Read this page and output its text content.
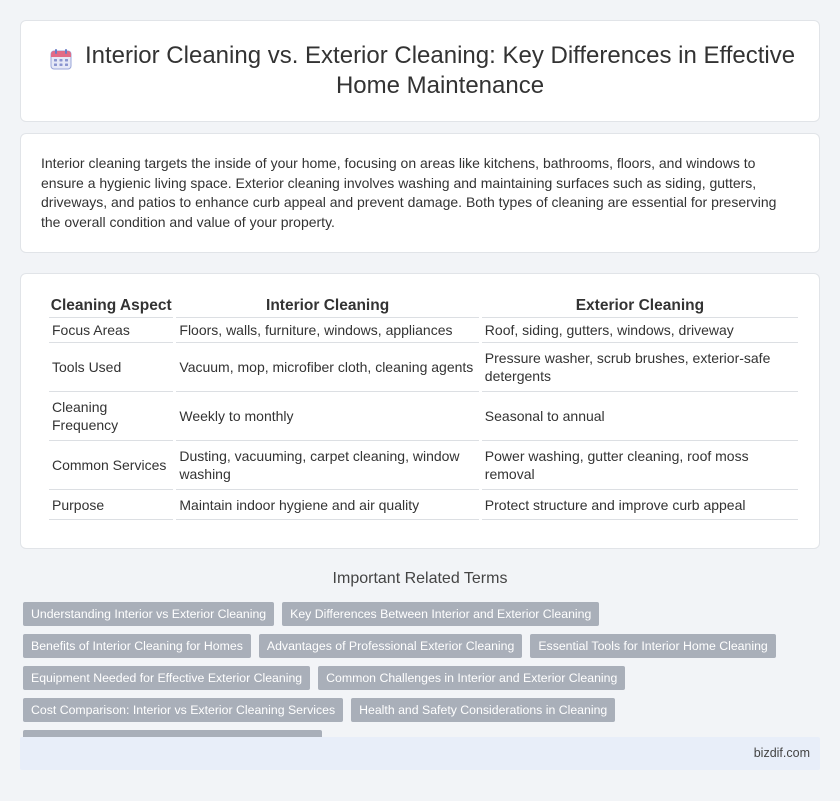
Interior Cleaning vs. Exterior Cleaning: Key Differences in Effective Home Maintenance

Interior cleaning targets the inside of your home, focusing on areas like kitchens, bathrooms, floors, and windows to ensure a hygienic living space. Exterior cleaning involves washing and maintaining surfaces such as siding, gutters, driveways, and patios to enhance curb appeal and prevent damage. Both types of cleaning are essential for preserving the overall condition and value of your property.

Cleaning Aspect	Interior Cleaning	Exterior Cleaning
Focus Areas	Floors, walls, furniture, windows, appliances	Roof, siding, gutters, windows, driveway
Tools Used	Vacuum, mop, microfiber cloth, cleaning agents	Pressure washer, scrub brushes, exterior-safe detergents
Cleaning Frequency	Weekly to monthly	Seasonal to annual
Common Services	Dusting, vacuuming, carpet cleaning, window washing	Power washing, gutter cleaning, roof moss removal
Purpose	Maintain indoor hygiene and air quality	Protect structure and improve curb appeal
Important Related Terms
Understanding Interior vs Exterior Cleaning	Key Differences Between Interior and Exterior Cleaning
Benefits of Interior Cleaning for Homes	Advantages of Professional Exterior Cleaning	Essential Tools for Interior Home Cleaning
Equipment Needed for Effective Exterior Cleaning	Common Challenges in Interior and Exterior Cleaning
Cost Comparison: Interior vs Exterior Cleaning Services	Health and Safety Considerations in Cleaning
bizdif.com
